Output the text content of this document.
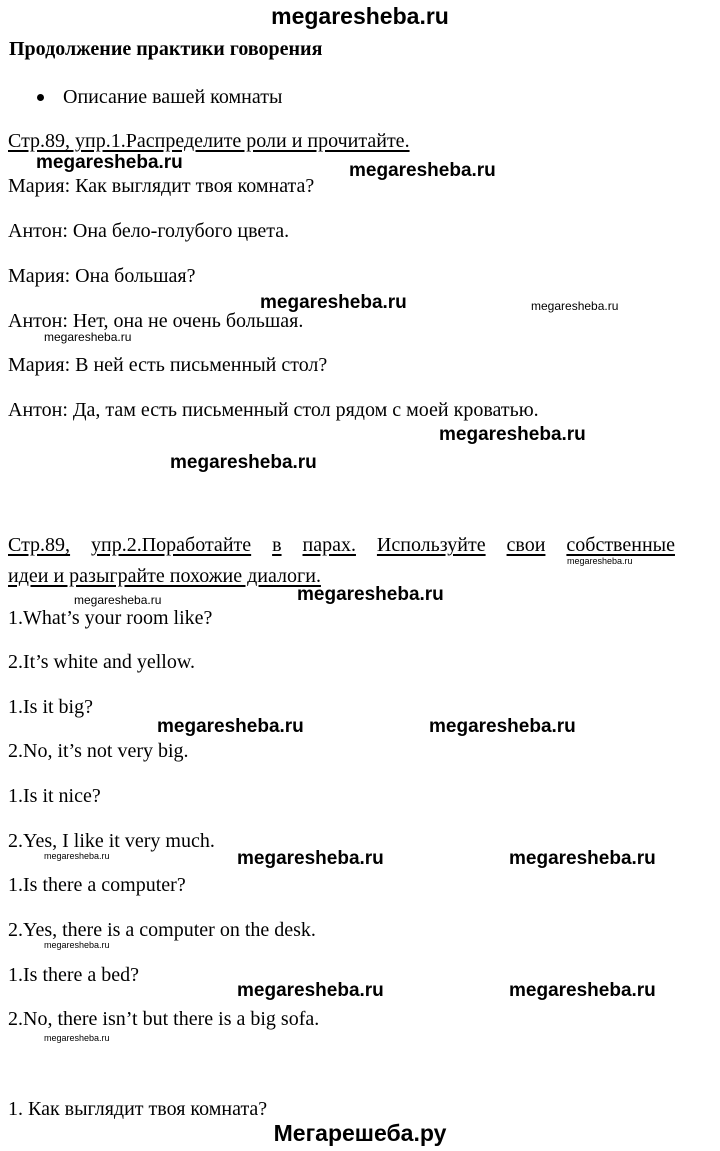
megaresheba.ru
Продолжение практики говорения
Описание вашей комнаты
Стр.89, упр.1.Распределите роли и прочитайте.
Мария: Как выглядит твоя комната?
Антон: Она бело-голубого цвета.
Мария: Она большая?
Антон: Нет, она не очень большая.
Мария: В ней есть письменный стол?
Антон: Да, там есть письменный стол рядом с моей кроватью.
Стр.89, упр.2.Поработайте в парах. Используйте свои собственные
идеи и разыграйте похожие диалоги.
1.What’s your room like?
2.It’s white and yellow.
1.Is it big?
2.No, it’s not very big.
1.Is it nice?
2.Yes, I like it very much.
1.Is there a computer?
2.Yes, there is a computer on the desk.
1.Is there a bed?
2.No, there isn’t but there is a big sofa.
1. Как выглядит твоя комната?
megaresheba.ru	megaresheba.ru
megaresheba.ru	megaresheba.ru
megaresheba.ru
megaresheba.ru
megaresheba.ru
megaresheba.ru
megaresheba.ru
megaresheba.ru
megaresheba.ru	megaresheba.ru
megaresheba.ru	megaresheba.ru	megaresheba.ru
megaresheba.ru
megaresheba.ru	megaresheba.ru
megaresheba.ru
Мегарешеба.ру
